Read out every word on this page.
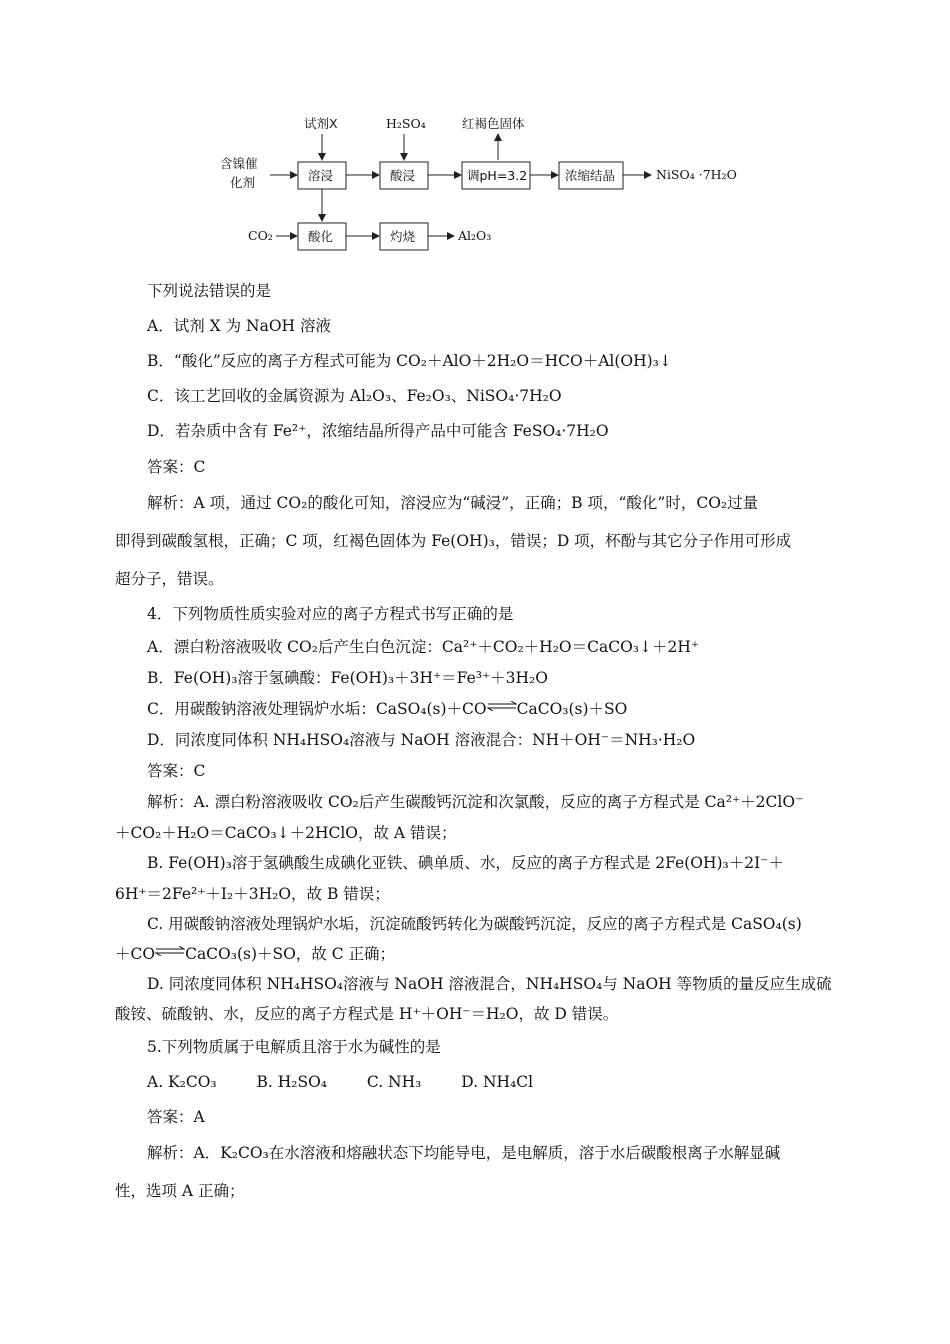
试剂X	H₂SO₄	红褐色固体
含镍催
化剂	溶浸	酸浸	调pH=3.2	浓缩结晶	NiSO₄ ·7H₂O
CO₂	酸化	灼烧	Al₂O₃
下列说法错误的是
A．试剂 X 为 NaOH 溶液
B．“酸化”反应的离子方程式可能为 CO₂＋AlO＋2H₂O＝HCO＋Al(OH)₃↓
C．该工艺回收的金属资源为 Al₂O₃、Fe₂O₃、NiSO₄·7H₂O
D．若杂质中含有 Fe²⁺，浓缩结晶所得产品中可能含 FeSO₄·7H₂O
答案：C
解析：A 项，通过 CO₂的酸化可知，溶浸应为“碱浸”，正确；B 项，“酸化”时，CO₂过量
即得到碳酸氢根，正确；C 项，红褐色固体为 Fe(OH)₃，错误；D 项，杯酚与其它分子作用可形成
超分子，错误。
4．下列物质性质实验对应的离子方程式书写正确的是
A．漂白粉溶液吸收 CO₂后产生白色沉淀：Ca²⁺＋CO₂＋H₂O＝CaCO₃↓＋2H⁺
B．Fe(OH)₃溶于氢碘酸：Fe(OH)₃＋3H⁺＝Fe³⁺＋3H₂O
C．用碳酸钠溶液处理锅炉水垢：CaSO₄(s)＋CO⇌CaCO₃(s)＋SO
D．同浓度同体积 NH₄HSO₄溶液与 NaOH 溶液混合：NH＋OH⁻＝NH₃·H₂O
答案：C
解析：A. 漂白粉溶液吸收 CO₂后产生碳酸钙沉淀和次氯酸，反应的离子方程式是 Ca²⁺＋2ClO⁻
＋CO₂＋H₂O＝CaCO₃↓＋2HClO，故 A 错误；
B. Fe(OH)₃溶于氢碘酸生成碘化亚铁、碘单质、水，反应的离子方程式是 2Fe(OH)₃＋2I⁻＋
6H⁺＝2Fe²⁺＋I₂＋3H₂O，故 B 错误；
C. 用碳酸钠溶液处理锅炉水垢，沉淀硫酸钙转化为碳酸钙沉淀，反应的离子方程式是 CaSO₄(s)
＋CO⇌CaCO₃(s)＋SO，故 C 正确；
D. 同浓度同体积 NH₄HSO₄溶液与 NaOH 溶液混合，NH₄HSO₄与 NaOH 等物质的量反应生成硫
酸铵、硫酸钠、水，反应的离子方程式是 H⁺＋OH⁻＝H₂O，故 D 错误。
5.下列物质属于电解质且溶于水为碱性的是
A. K₂CO₃	B. H₂SO₄	C. NH₃	D. NH₄Cl
答案：A
解析：A．K₂CO₃在水溶液和熔融状态下均能导电，是电解质，溶于水后碳酸根离子水解显碱
性，选项 A 正确；
